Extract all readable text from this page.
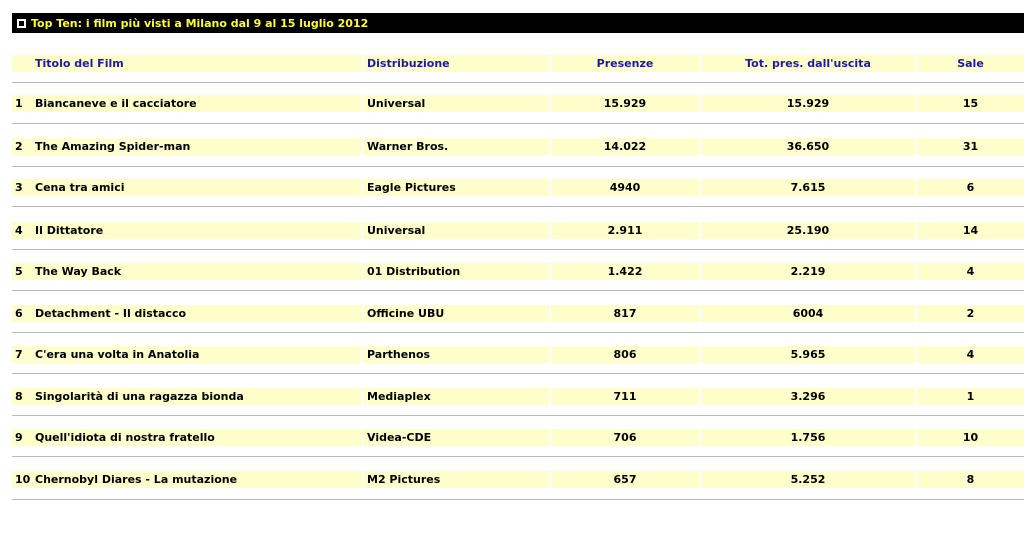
Top Ten: i film più visti a Milano dal 9 al 15 luglio 2012
Titolo del Film	Distribuzione	Presenze	Tot. pres. dall'uscita	Sale
1 Biancaneve e il cacciatore	Universal	15.929	15.929	15
2 The Amazing Spider-man	Warner Bros.	14.022	36.650	31
3 Cena tra amici	Eagle Pictures	4940	7.615	6
4 Il Dittatore	Universal	2.911	25.190	14
5 The Way Back	01 Distribution	1.422	2.219	4
6 Detachment - Il distacco	Officine UBU	817	6004	2
7 C'era una volta in Anatolia	Parthenos	806	5.965	4
8 Singolarità di una ragazza bionda	Mediaplex	711	3.296	1
9 Quell'idiota di nostra fratello	Videa-CDE	706	1.756	10
10 Chernobyl Diares - La mutazione	M2 Pictures	657	5.252	8
